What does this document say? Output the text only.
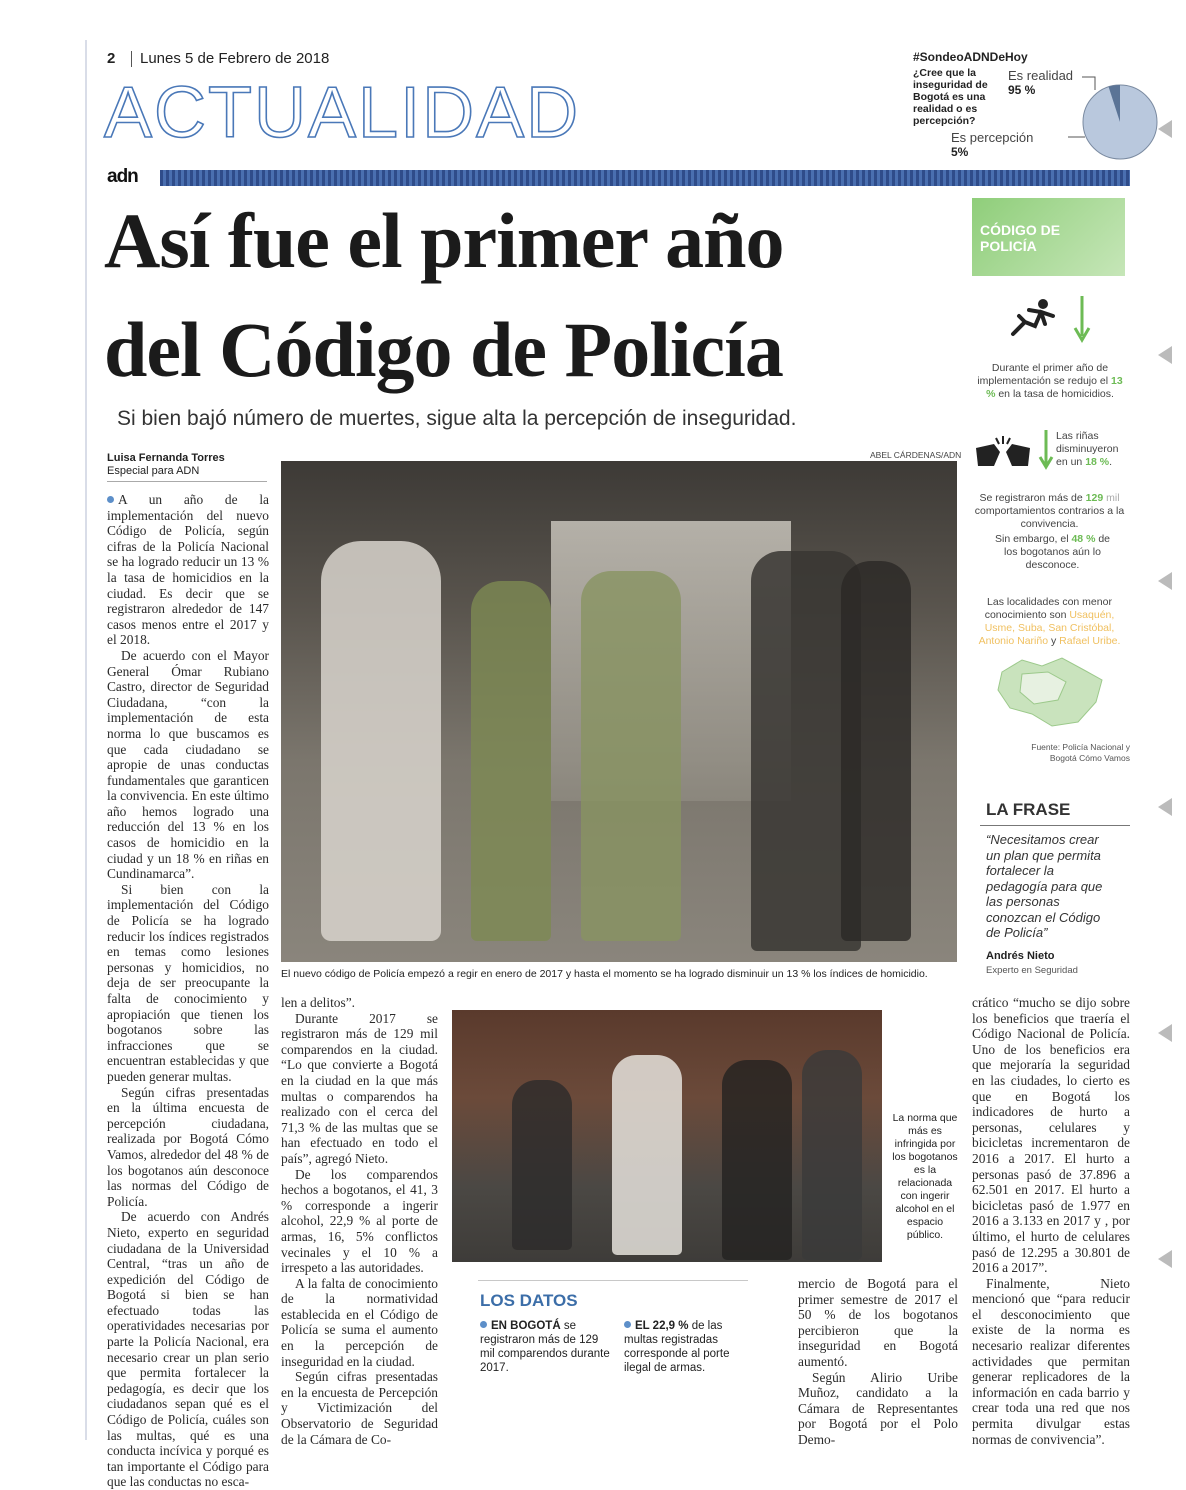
2 Lunes 5 de Febrero de 2018
ACTUALIDAD
#SondeoADNDeHoy
¿Cree que la inseguridad de Bogotá es una realidad o es percepción?
Es realidad
95 %
Es percepción
5%
adn
Así fue el primer año
del Código de Policía
Si bien bajó número de muertes, sigue alta la percepción de inseguridad.
Luisa Fernanda Torres
Especial para ADN
ABEL CÁRDENAS/ADN
El nuevo código de Policía empezó a regir en enero de 2017 y hasta el momento se ha logrado disminuir un 13 % los índices de homicidio.

A un año de la implementación del nuevo Código de Policía, según cifras de la Policía Nacional se ha logrado reducir un 13 % la tasa de homicidios en la ciudad. Es decir que se registraron alrededor de 147 casos menos entre el 2017 y el 2018.

De acuerdo con el Mayor General Ómar Rubiano Castro, director de Seguridad Ciudadana, “con la implementación de esta norma lo que buscamos es que cada ciudadano se apropie de unas conductas fundamentales que garanticen la convivencia. En este último año hemos logrado una reducción del 13 % en los casos de homicidio en la ciudad y un 18 % en riñas en Cundinamarca”.

Si bien con la implementación del Código de Policía se ha logrado reducir los índices registrados en temas como lesiones personas y homicidios, no deja de ser preocupante la falta de conocimiento y apropiación que tienen los bogotanos sobre las infracciones que se encuentran establecidas y que pueden generar multas.

Según cifras presentadas en la última encuesta de percepción ciudadana, realizada por Bogotá Cómo Vamos, alrededor del 48 % de los bogotanos aún desconoce las normas del Código de Policía.

De acuerdo con Andrés Nieto, experto en seguridad ciudadana de la Universidad Central, “tras un año de expedición del Código de Bogotá si bien se han efectuado todas las operatividades necesarias por parte la Policía Nacional, era necesario crear un plan serio que permita fortalecer la pedagogía, es decir que los ciudadanos sepan qué es el Código de Policía, cuáles son las multas, qué es una conducta incívica y porqué es tan importante el Código para que las conductas no esca-

len a delitos”.

Durante 2017 se registraron más de 129 mil comparendos en la ciudad. “Lo que convierte a Bogotá en la ciudad en la que más multas o comparendos ha realizado con el cerca del 71,3 % de las multas que se han efectuado en todo el país”, agregó Nieto.

De los comparendos hechos a bogotanos, el 41, 3 % corresponde a ingerir alcohol, 22,9 % al porte de armas, 16, 5% conflictos vecinales y el 10 % a irrespeto a las autoridades.

A la falta de conocimiento de la normatividad establecida en el Código de Policía se suma el aumento en la percepción de inseguridad en la ciudad.

Según cifras presentadas en la encuesta de Percepción y Victimización del Observatorio de Seguridad de la Cámara de Co-

La norma que más es infringida por los bogotanos es la relacionada con ingerir alcohol en el espacio público.
LOS DATOS
EN BOGOTÁ se registraron más de 129 mil comparendos durante 2017.
EL 22,9 % de las multas registradas corresponde al porte ilegal de armas.

mercio de Bogotá para el primer semestre de 2017 el 50 % de los bogotanos percibieron que la inseguridad en Bogotá aumentó.

Según Alirio Uribe Muñoz, candidato a la Cámara de Representantes por Bogotá por el Polo Demo-

crático “mucho se dijo sobre los beneficios que traería el Código Nacional de Policía. Uno de los beneficios era que mejoraría la seguridad en las ciudades, lo cierto es que en Bogotá los indicadores de hurto a personas, celulares y bicicletas incrementaron de 2016 a 2017. El hurto a personas pasó de 37.896 a 62.501 en 2017. El hurto a bicicletas pasó de 1.977 en 2016 a 3.133 en 2017 y , por último, el hurto de celulares pasó de 12.295 a 30.801 de 2016 a 2017”.

Finalmente, Nieto mencionó que “para reducir el desconocimiento que existe de la norma es necesario realizar diferentes actividades que permitan generar replicadores de la información en cada barrio y crear toda una red que nos permita divulgar estas normas de convivencia”.

CÓDIGO DE POLICÍA
Durante el primer año de implementación se redujo el 13 % en la tasa de homicidios.
Las riñas disminuyeron en un 18 %.
Se registraron más de 129 mil comportamientos contrarios a la convivencia.
Sin embargo, el 48 % de los bogotanos aún lo desconoce.
Las localidades con menor conocimiento son Usaquén, Usme, Suba, San Cristóbal, Antonio Nariño y Rafael Uribe.
Fuente: Policía Nacional y Bogotá Cómo Vamos
LA FRASE
“Necesitamos crear un plan que permita fortalecer la pedagogía para que las personas conozcan el Código de Policía”
Andrés Nieto
Experto en Seguridad
